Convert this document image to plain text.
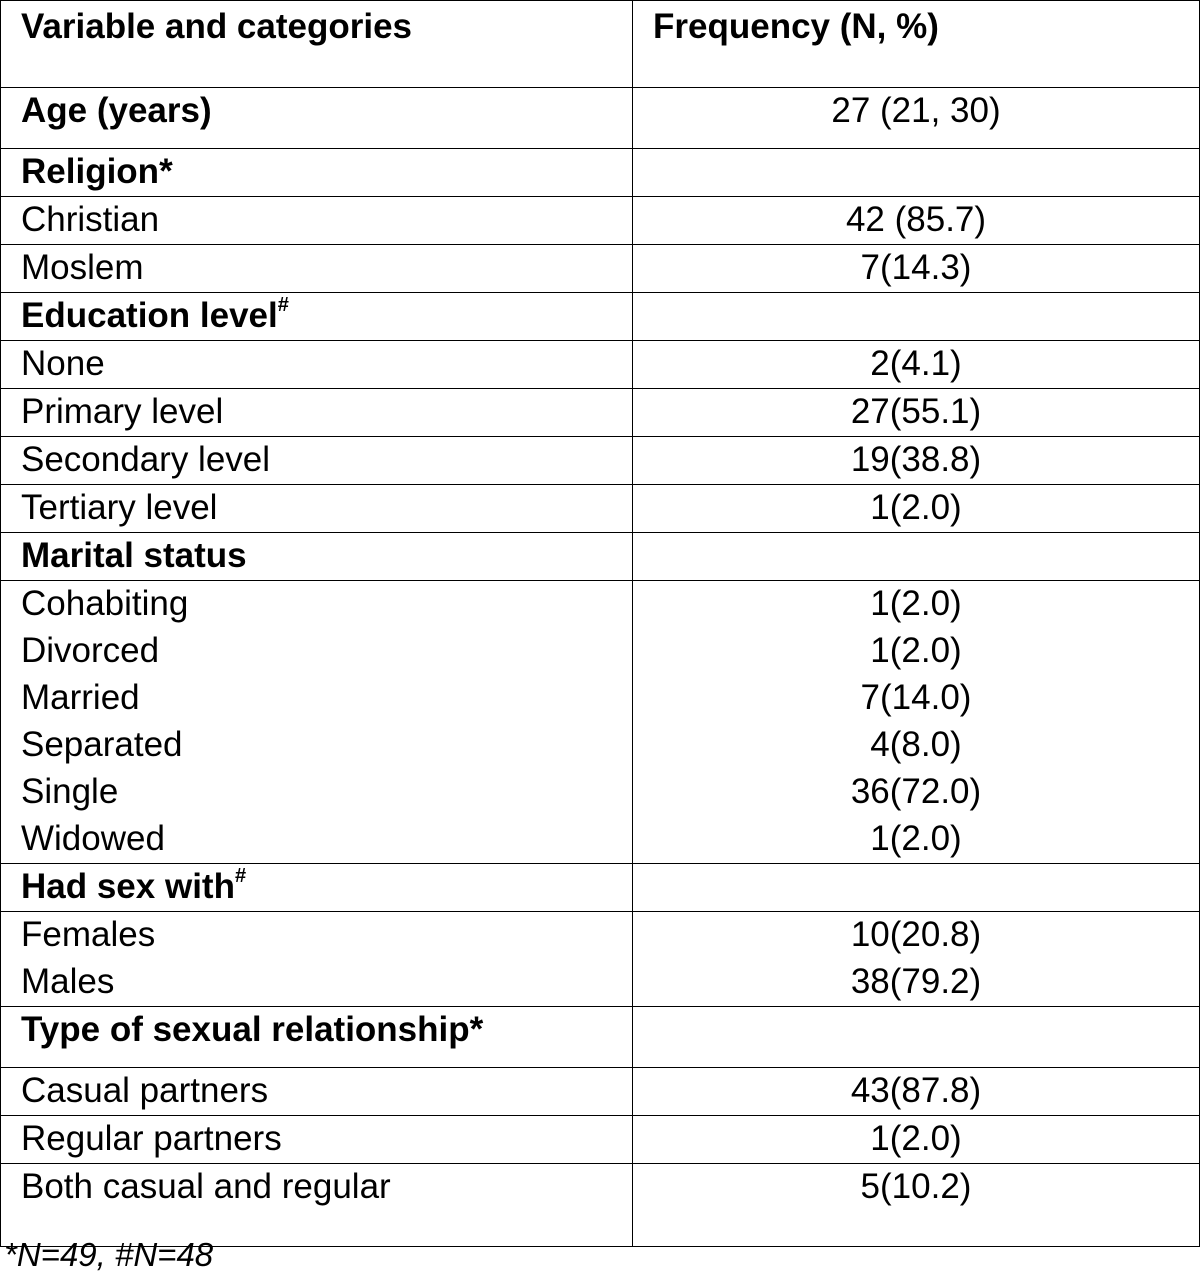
Variable and categories	Frequency (N, %)
Age (years)	27 (21, 30)
Religion*	
Christian	42 (85.7)
Moslem	7(14.3)
Education level#	
None	2(4.1)
Primary level	27(55.1)
Secondary level	19(38.8)
Tertiary level	1(2.0)
Marital status	
Cohabiting	1(2.0)
Divorced	1(2.0)
Married	7(14.0)
Separated	4(8.0)
Single	36(72.0)
Widowed	1(2.0)
Had sex with#	
Females	10(20.8)
Males	38(79.2)
Type of sexual relationship*	
Casual partners	43(87.8)
Regular partners	1(2.0)
Both casual and regular	5(10.2)
*N=49, #N=48
